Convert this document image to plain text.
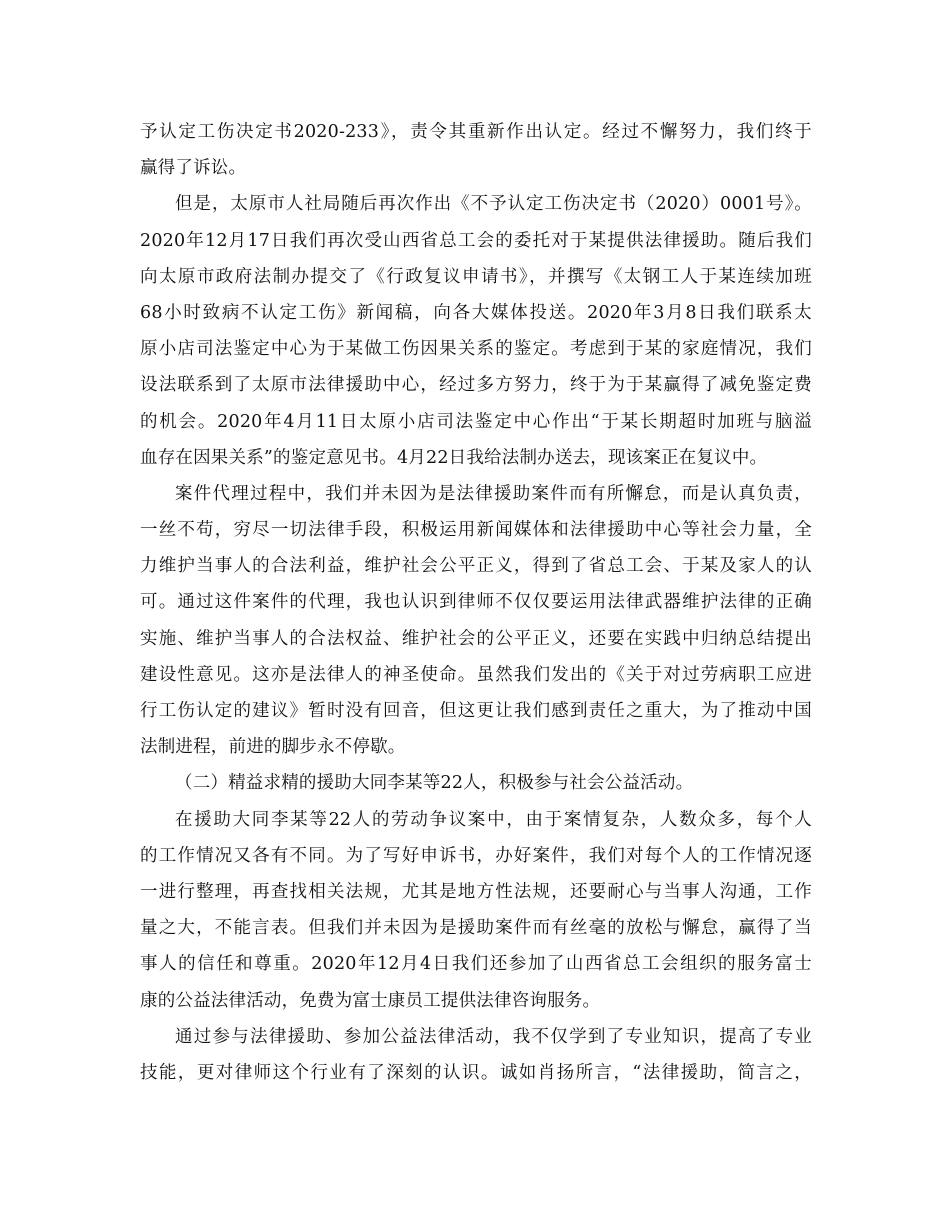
予认定工伤决定书2020-233》，责令其重新作出认定。经过不懈努力，我们终于
赢得了诉讼。
但是，太原市人社局随后再次作出《不予认定工伤决定书（2020）0001号》。
2020年12月17日我们再次受山西省总工会的委托对于某提供法律援助。随后我们
向太原市政府法制办提交了《行政复议申请书》，并撰写《太钢工人于某连续加班
68小时致病不认定工伤》新闻稿，向各大媒体投送。2020年3月8日我们联系太
原小店司法鉴定中心为于某做工伤因果关系的鉴定。考虑到于某的家庭情况，我们
设法联系到了太原市法律援助中心，经过多方努力，终于为于某赢得了减免鉴定费
的机会。2020年4月11日太原小店司法鉴定中心作出“于某长期超时加班与脑溢
血存在因果关系”的鉴定意见书。4月22日我给法制办送去，现该案正在复议中。
案件代理过程中，我们并未因为是法律援助案件而有所懈怠，而是认真负责，
一丝不苟，穷尽一切法律手段，积极运用新闻媒体和法律援助中心等社会力量，全
力维护当事人的合法利益，维护社会公平正义，得到了省总工会、于某及家人的认
可。通过这件案件的代理，我也认识到律师不仅仅要运用法律武器维护法律的正确
实施、维护当事人的合法权益、维护社会的公平正义，还要在实践中归纳总结提出
建设性意见。这亦是法律人的神圣使命。虽然我们发出的《关于对过劳病职工应进
行工伤认定的建议》暂时没有回音，但这更让我们感到责任之重大，为了推动中国
法制进程，前进的脚步永不停歇。
（二）精益求精的援助大同李某等22人，积极参与社会公益活动。
在援助大同李某等22人的劳动争议案中，由于案情复杂，人数众多，每个人
的工作情况又各有不同。为了写好申诉书，办好案件，我们对每个人的工作情况逐
一进行整理，再查找相关法规，尤其是地方性法规，还要耐心与当事人沟通，工作
量之大，不能言表。但我们并未因为是援助案件而有丝毫的放松与懈怠，赢得了当
事人的信任和尊重。2020年12月4日我们还参加了山西省总工会组织的服务富士
康的公益法律活动，免费为富士康员工提供法律咨询服务。
通过参与法律援助、参加公益法律活动，我不仅学到了专业知识，提高了专业
技能，更对律师这个行业有了深刻的认识。诚如肖扬所言，“法律援助，简言之，
